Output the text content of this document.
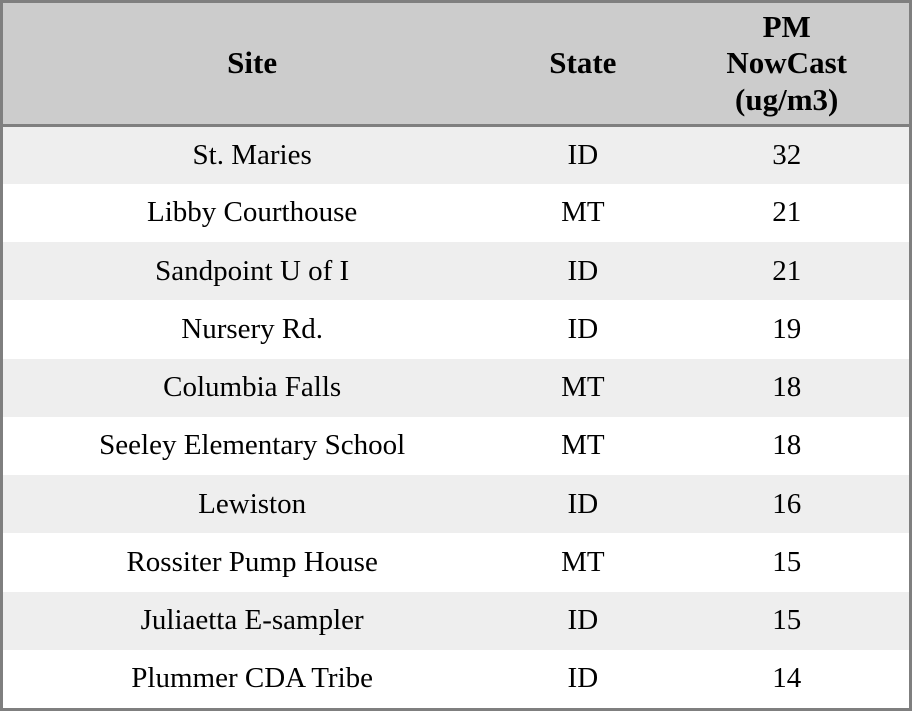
Site	State	PM NowCast (ug/m3)

St. Maries	ID	32
Libby Courthouse	MT	21
Sandpoint U of I	ID	21
Nursery Rd.	ID	19
Columbia Falls	MT	18
Seeley Elementary School	MT	18
Lewiston	ID	16
Rossiter Pump House	MT	15
Juliaetta E-sampler	ID	15
Plummer CDA Tribe	ID	14
